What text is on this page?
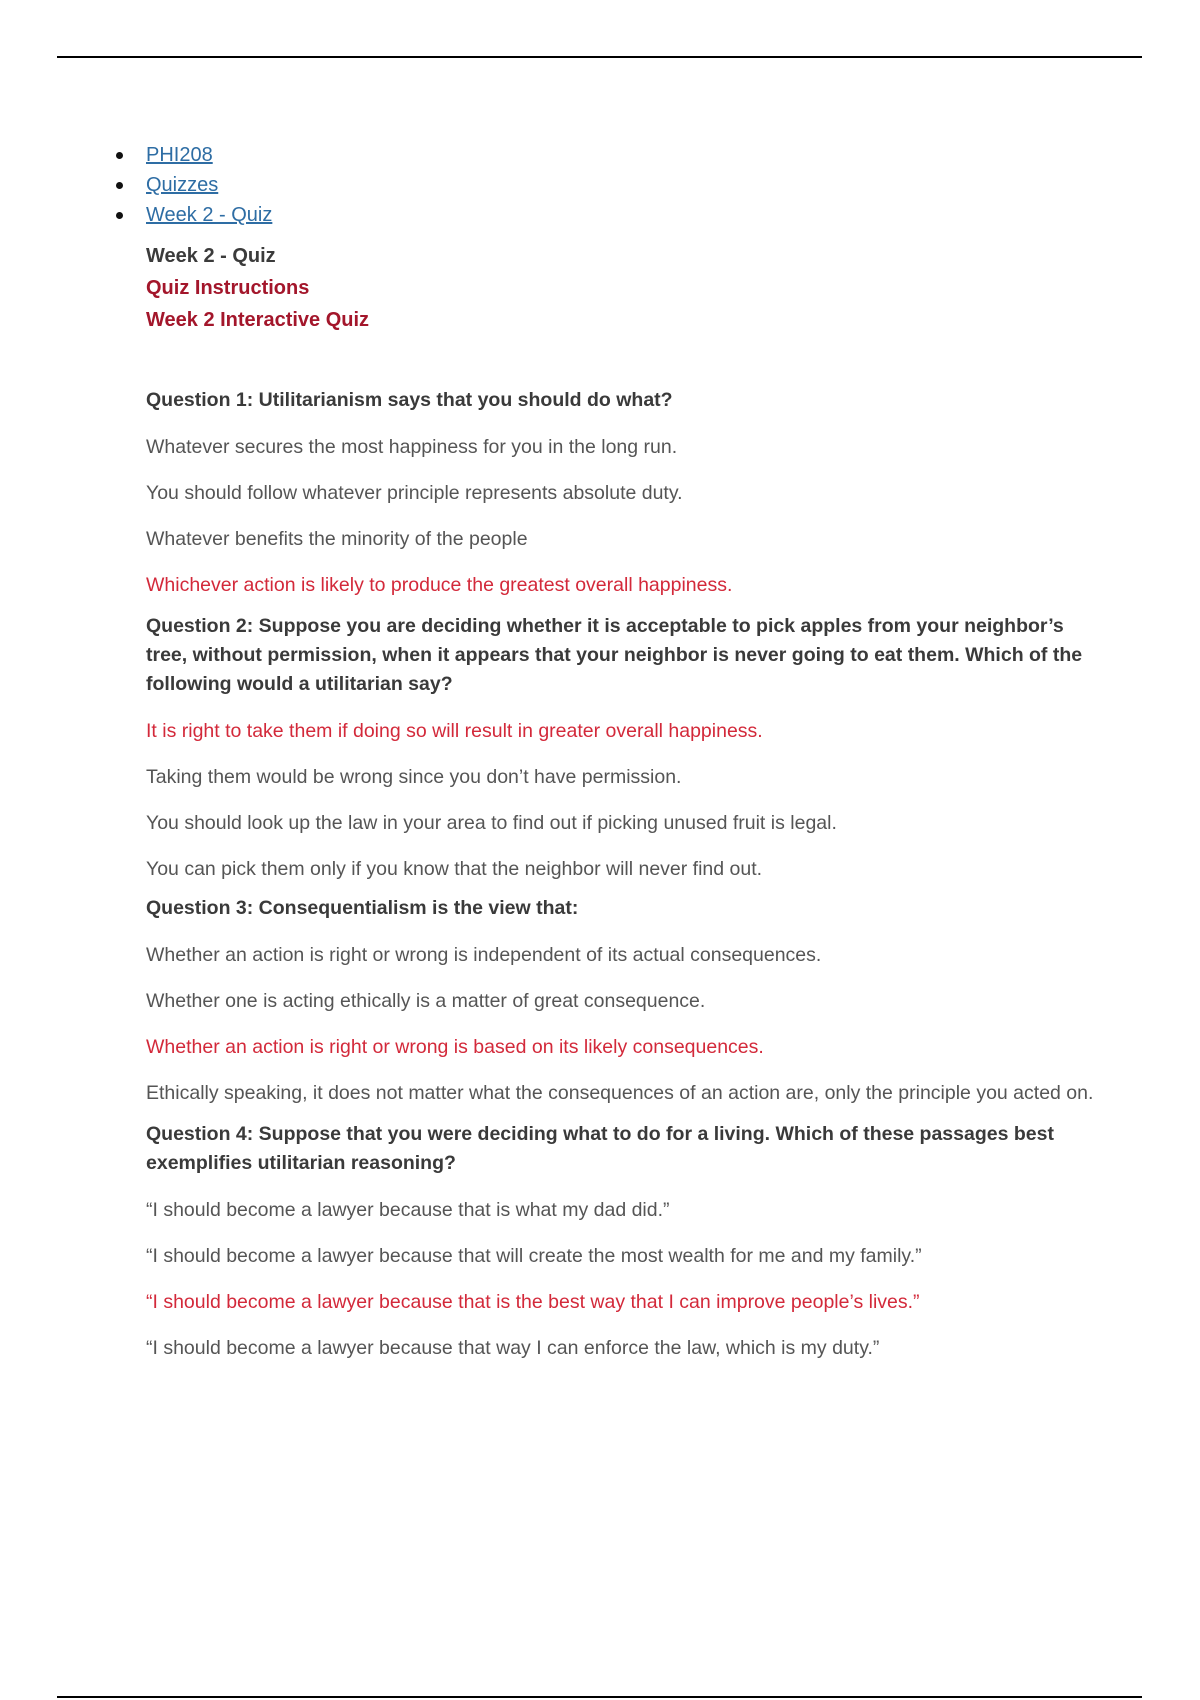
PHI208
Quizzes
Week 2 - Quiz
Week 2 - Quiz
Quiz Instructions
Week 2 Interactive Quiz

Question 1: Utilitarianism says that you should do what?

Whatever secures the most happiness for you in the long run.

You should follow whatever principle represents absolute duty.

Whatever benefits the minority of the people

Whichever action is likely to produce the greatest overall happiness.

Question 2: Suppose you are deciding whether it is acceptable to pick apples from your neighbor’s tree, without permission, when it appears that your neighbor is never going to eat them. Which of the following would a utilitarian say?

It is right to take them if doing so will result in greater overall happiness.

Taking them would be wrong since you don’t have permission.

You should look up the law in your area to find out if picking unused fruit is legal.

You can pick them only if you know that the neighbor will never find out.

Question 3: Consequentialism is the view that:

Whether an action is right or wrong is independent of its actual consequences.

Whether one is acting ethically is a matter of great consequence.

Whether an action is right or wrong is based on its likely consequences.

Ethically speaking, it does not matter what the consequences of an action are, only the principle you acted on.

Question 4: Suppose that you were deciding what to do for a living. Which of these passages best exemplifies utilitarian reasoning?

“I should become a lawyer because that is what my dad did.”

“I should become a lawyer because that will create the most wealth for me and my family.”

“I should become a lawyer because that is the best way that I can improve people’s lives.”

“I should become a lawyer because that way I can enforce the law, which is my duty.”
